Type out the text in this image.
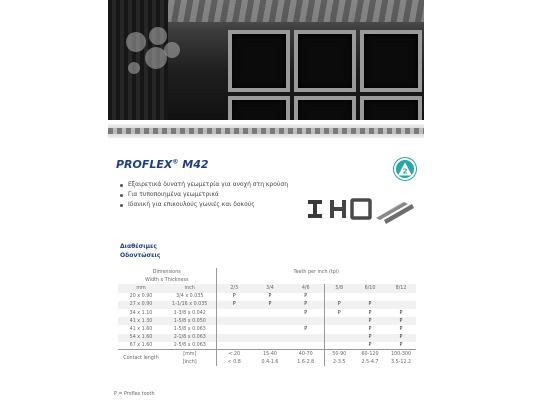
PROFLEX® M42
2
Εξαιρετικά δυνατή γεωμετρία για ανοχή στη κρούση
Για τυποποιημένα γεωμετρικά
Ιδανική για επικουλούς γωνιές και δοκούς
Διαθέσιμες
Οδοντώσεις
Dimensions		Teeth per inch (tpi)					
Width x Thickness							
mm	inch	2/3	3/4	4/6	5/8	6/10	8/12
20 x 0.90	3/4 x 0.035	P	P	P			
27 x 0.90	1-1/16 x 0.035	P	P	P	P	P	
34 x 1.10	1-3/8 x 0.042			P	P	P	P
41 x 1.30	1-5/8 x 0.050					P	P
41 x 1.60	1-5/8 x 0.063			P		P	P
54 x 1.60	2-1/8 x 0.063					P	P
67 x 1.60	2-5/8 x 0.063					P	P
Contact length	[mm]	< 20	15-40	40-70	50-90	60-120	100-300
	[inch]	< 0.8	0.4-1.6	1.6-2.8	2-3.5	2.5-4.7	3.5-12.2
P = Proflex tooth
